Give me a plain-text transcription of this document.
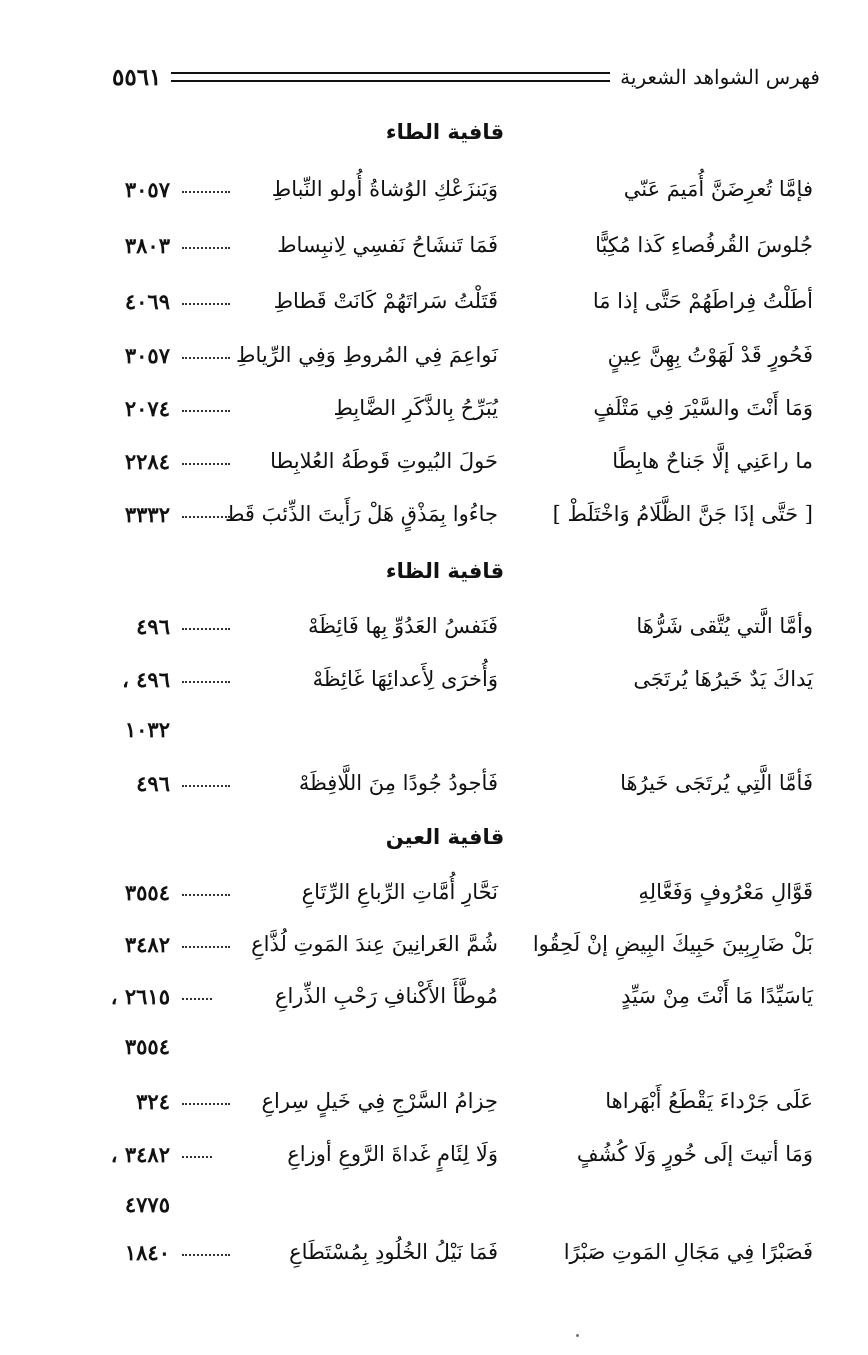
فهرس الشواهد الشعرية
٥٥٦١
قافية الطاء
فإمَّا تُعرِضَنَّ أُمَيمَ عَنّي
وَيَنزَعْكِ الوُشاةُ أُولو النِّباطِ
٣٠٥٧
جُلوسَ القُرفُصاءِ كَذا مُكِبًّا
فَمَا تَنشَاحُ نَفسِي لِانبِساط
٣٨٠٣
أطَلْتُ فِراطَهُمْ حَتَّى إذا مَا
قَتَلْتُ سَراتَهُمْ كَانَتْ قَطاطِ
٤٠٦٩
فَحُورٍ قَدْ لَهَوْتُ بِهِنَّ عِينٍ
نَواعِمَ فِي المُروطِ وَفِي الرِّياطِ
٣٠٥٧
وَمَا أَنْتَ والسَّيْرَ فِي مَتْلَفٍ
يُبَرِّحُ بِالذَّكَرِ الضَّابِطِ
٢٠٧٤
ما راعَنِي إلَّا جَناحٌ هابِطًا
حَولَ البُيوتِ قَوطَهُ العُلابِطا
٢٢٨٤
[ حَتَّى إذَا جَنَّ الظَّلَامُ وَاخْتَلَطْ ]
جاءُوا بِمَذْقٍ هَلْ رَأَيتَ الذِّئبَ قَط
٣٣٣٢
قافية الظاء
وأمَّا الَّتي يُتَّقى شَرُّهَا
فَنَفسُ العَدُوِّ بِها فَائِظَهْ
٤٩٦
يَداكَ يَدٌ خَيرُهَا يُرتَجَى
وَأُخرَى لِأَعدائِهَا غَائِظَهْ
٤٩٦ ،
١٠٣٢
فَأمَّا الَّتِي يُرتَجَى خَيرُهَا
فَأجودُ جُودًا مِنَ اللَّافِظَهْ
٤٩٦
قافية العين
قَوَّالِ مَعْرُوفٍ وَفَعَّالِهِ
نَحَّارِ أُمَّاتِ الرِّباعِ الرِّتَاعِ
٣٥٥٤
بَلْ ضَارِبِينَ حَبِيكَ البِيضِ إنْ لَحِقُوا
شُمَّ العَرانِينَ عِندَ المَوتِ لُذَّاعِ
٣٤٨٢
يَاسَيِّدًا مَا أَنْتَ مِنْ سَيِّدٍ
مُوطَّأَ الأَكْنافِ رَحْبِ الذِّراعِ
٢٦١٥ ،
٣٥٥٤
عَلَى جَرْداءَ يَقْطَعُ أَبْهَراها
حِزامُ السَّرْجِ فِي خَيلٍ سِراعِ
٣٢٤
وَمَا أتيتَ إلَى خُورٍ وَلَا كُشُفٍ
وَلَا لِئَامٍ غَداةَ الرَّوعِ أوزاعِ
٣٤٨٢ ،
٤٧٧٥
فَصَبْرًا فِي مَجَالِ المَوتِ صَبْرًا
فَمَا نَيْلُ الخُلُودِ بِمُسْتَطَاعِ
١٨٤٠
